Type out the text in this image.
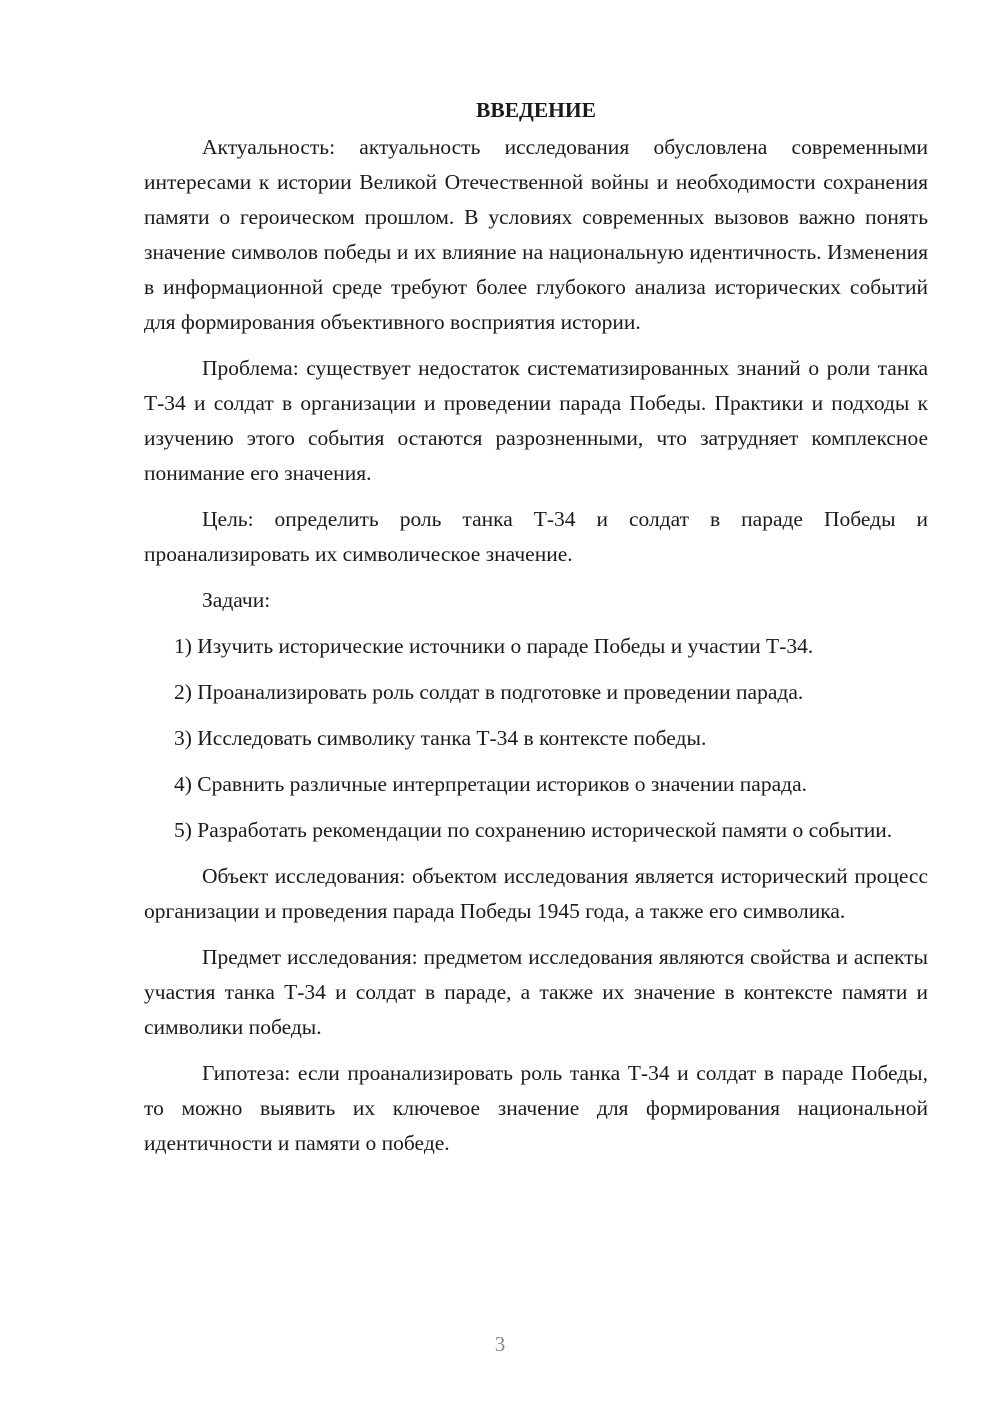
ВВЕДЕНИЕ

Актуальность: актуальность исследования обусловлена современными интересами к истории Великой Отечественной войны и необходимости сохранения памяти о героическом прошлом. В условиях современных вызовов важно понять значение символов победы и их влияние на национальную идентичность. Изменения в информационной среде требуют более глубокого анализа исторических событий для формирования объективного восприятия истории.

Проблема: существует недостаток систематизированных знаний о роли танка Т-34 и солдат в организации и проведении парада Победы. Практики и подходы к изучению этого события остаются разрозненными, что затрудняет комплексное понимание его значения.

Цель: определить роль танка Т-34 и солдат в параде Победы и проанализировать их символическое значение.

Задачи:

1) Изучить исторические источники о параде Победы и участии Т-34.

2) Проанализировать роль солдат в подготовке и проведении парада.

3) Исследовать символику танка Т-34 в контексте победы.

4) Сравнить различные интерпретации историков о значении парада.

5) Разработать рекомендации по сохранению исторической памяти о событии.

Объект исследования: объектом исследования является исторический процесс организации и проведения парада Победы 1945 года, а также его символика.

Предмет исследования: предметом исследования являются свойства и аспекты участия танка Т-34 и солдат в параде, а также их значение в контексте памяти и символики победы.

Гипотеза: если проанализировать роль танка Т-34 и солдат в параде Победы, то можно выявить их ключевое значение для формирования национальной идентичности и памяти о победе.

3
